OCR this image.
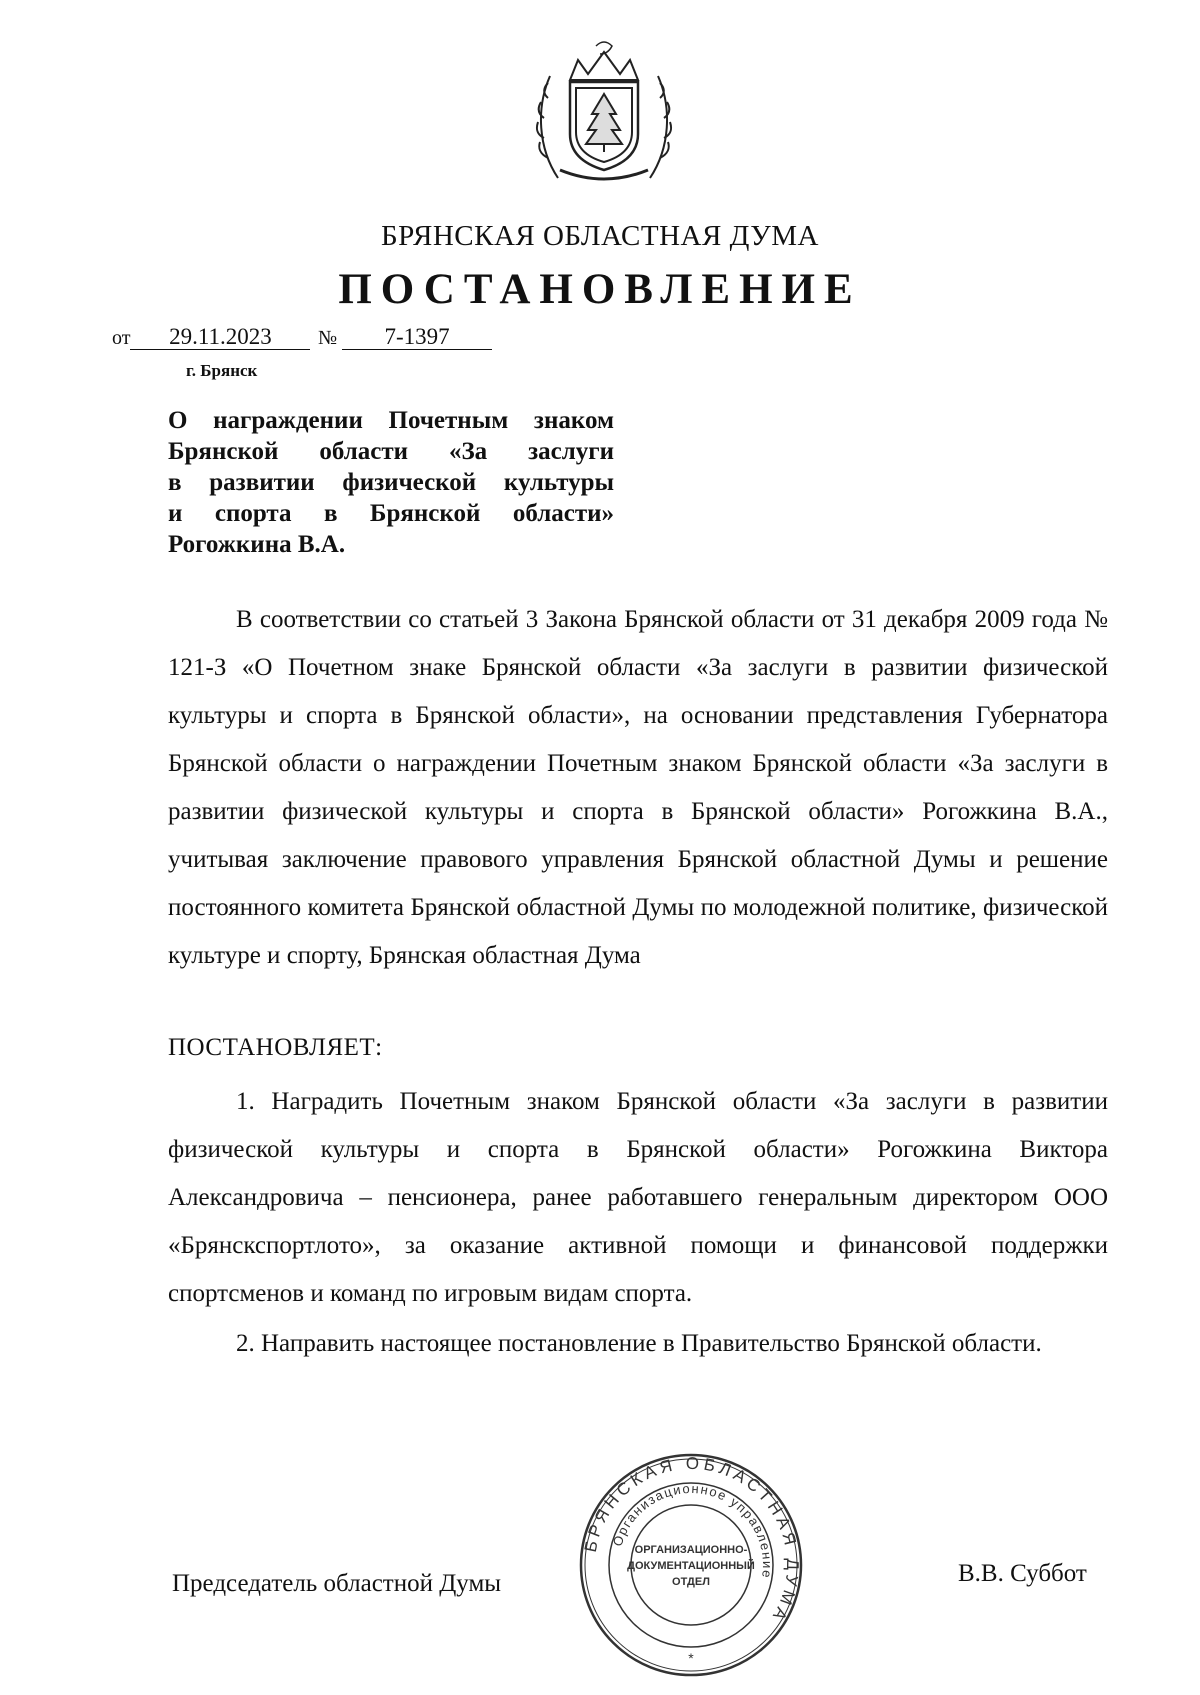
БРЯНСКАЯ ОБЛАСТНАЯ ДУМА
ПОСТАНОВЛЕНИЕ
от 29.11.2023	№ 7-1397
г. Брянск
О награждении Почетным знаком
Брянской области «За заслуги
в развитии физической культуры
и спорта в Брянской области»
Рогожкина В.А.

В соответствии со статьей 3 Закона Брянской области от 31 декабря 2009 года № 121-З «О Почетном знаке Брянской области «За заслуги в развитии физической культуры и спорта в Брянской области», на основании представления Губернатора Брянской области о награждении Почетным знаком Брянской области «За заслуги в развитии физической культуры и спорта в Брянской области» Рогожкина В.А., учитывая заключение правового управления Брянской областной Думы и решение постоянного комитета Брянской областной Думы по молодежной политике, физической культуре и спорту, Брянская областная Дума

ПОСТАНОВЛЯЕТ:

1. Наградить Почетным знаком Брянской области «За заслуги в развитии физической культуры и спорта в Брянской области» Рогожкина Виктора Александровича – пенсионера, ранее работавшего генеральным директором ООО «Брянскспортлото», за оказание активной помощи и финансовой поддержки спортсменов и команд по игровым видам спорта.

2. Направить настоящее постановление в Правительство Брянской области.

Председатель областной Думы	В.В. Суббот
БРЯНСКАЯ ОБЛАСТНАЯ ДУМА
Организационное управление
ОРГАНИЗАЦИОННО-
ДОКУМЕНТАЦИОННЫЙ
ОТДЕЛ
*
